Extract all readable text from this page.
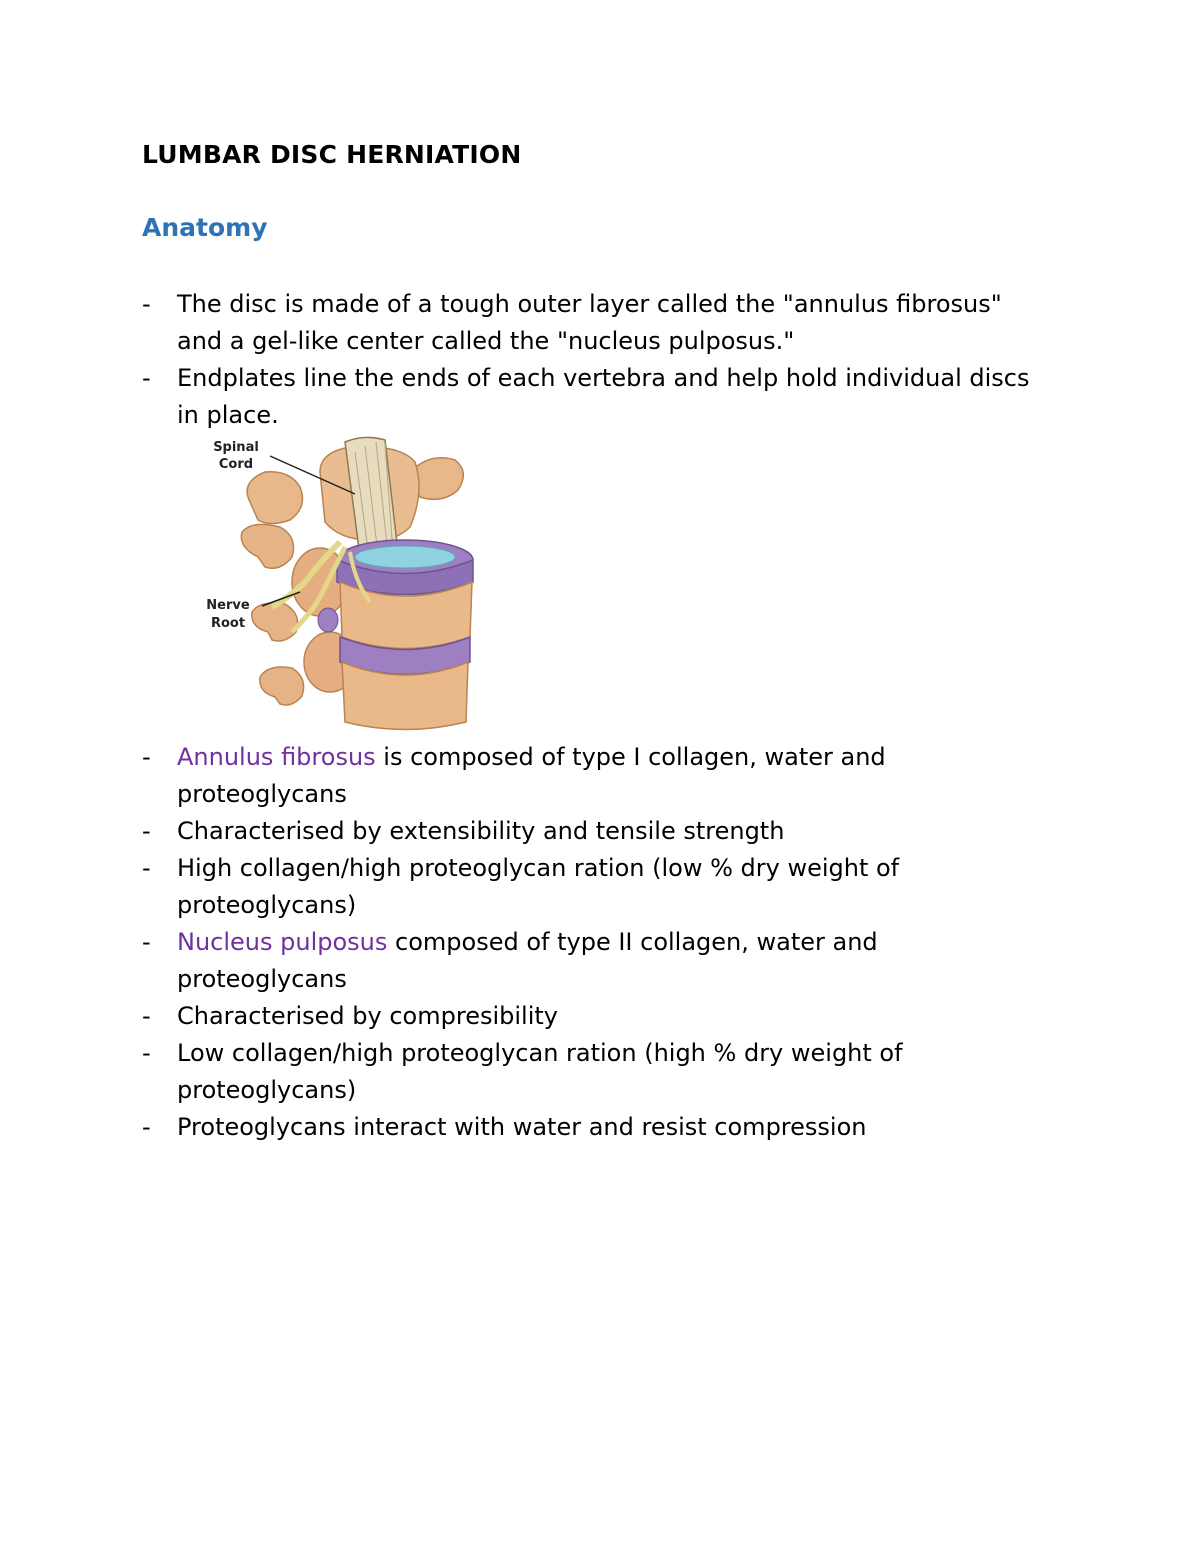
LUMBAR DISC HERNIATION
Anatomy
- The disc is made of a tough outer layer called the "annulus fibrosus" and a gel-like center called the "nucleus pulposus."
- Endplates line the ends of each vertebra and help hold individual discs in place.
Spinal
Cord
Nerve
Root
- Annulus fibrosus is composed of type I collagen, water and proteoglycans
- Characterised by extensibility and tensile strength
- High collagen/high proteoglycan ration (low % dry weight of proteoglycans)
- Nucleus pulposus composed of type II collagen, water and proteoglycans
- Characterised by compresibility
- Low collagen/high proteoglycan ration (high % dry weight of proteoglycans)
- Proteoglycans interact with water and resist compression
